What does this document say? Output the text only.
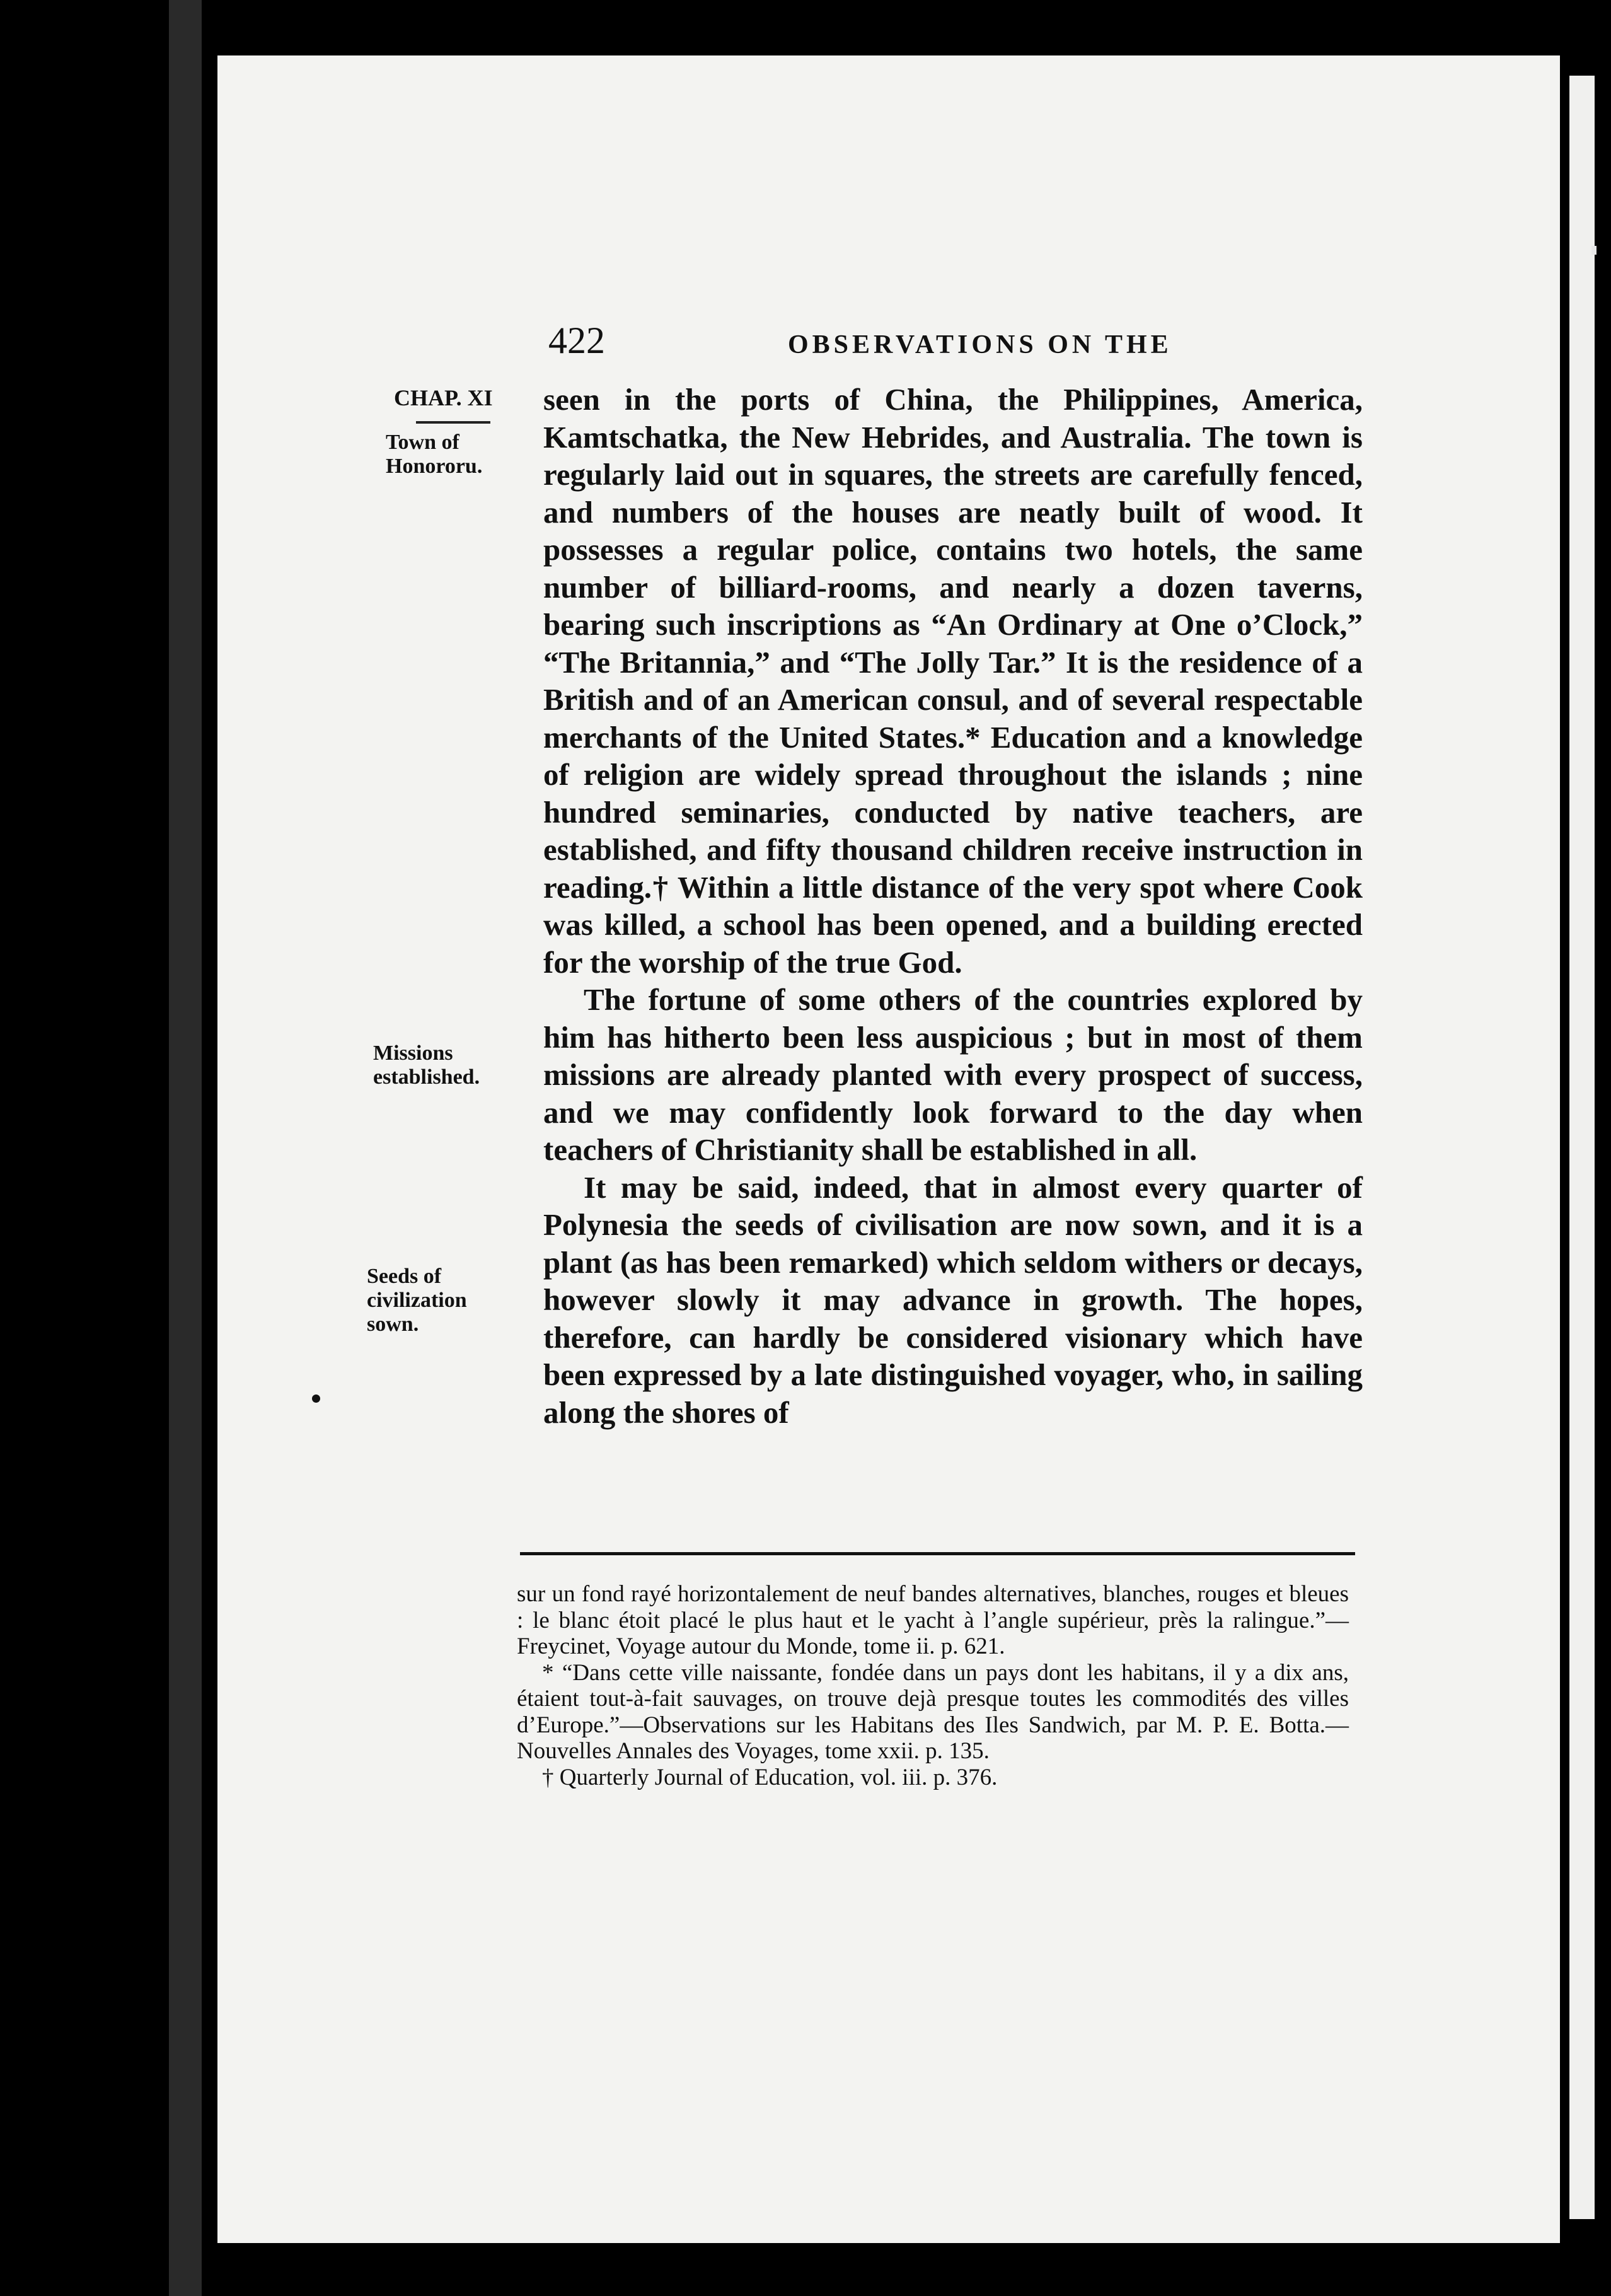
422	OBSERVATIONS ON THE
CHAP. XI
Town of Honororu.
Missions established.
Seeds of civilization sown.

seen in the ports of China, the Philippines, America, Kamtschatka, the New Hebrides, and Australia. The town is regularly laid out in squares, the streets are carefully fenced, and numbers of the houses are neatly built of wood. It possesses a regular police, contains two hotels, the same number of billiard-rooms, and nearly a dozen taverns, bearing such inscriptions as “An Ordinary at One o’Clock,” “The Britannia,” and “The Jolly Tar.” It is the residence of a British and of an American consul, and of several respectable merchants of the United States.* Education and a knowledge of religion are widely spread throughout the islands ; nine hundred seminaries, conducted by native teachers, are established, and fifty thousand children receive instruction in reading.† Within a little distance of the very spot where Cook was killed, a school has been opened, and a building erected for the worship of the true God.

The fortune of some others of the countries explored by him has hitherto been less auspicious ; but in most of them missions are already planted with every prospect of success, and we may confidently look forward to the day when teachers of Christianity shall be established in all.

It may be said, indeed, that in almost every quarter of Polynesia the seeds of civilisation are now sown, and it is a plant (as has been remarked) which seldom withers or decays, however slowly it may advance in growth. The hopes, therefore, can hardly be considered visionary which have been expressed by a late distinguished voyager, who, in sailing along the shores of

sur un fond rayé horizontalement de neuf bandes alternatives, blanches, rouges et bleues : le blanc étoit placé le plus haut et le yacht à l’angle supérieur, près la ralingue.”—Freycinet, Voyage autour du Monde, tome ii. p. 621.

* “Dans cette ville naissante, fondée dans un pays dont les habitans, il y a dix ans, étaient tout-à-fait sauvages, on trouve dejà presque toutes les commodités des villes d’Europe.”—Observations sur les Habitans des Iles Sandwich, par M. P. E. Botta.—Nouvelles Annales des Voyages, tome xxii. p. 135.

† Quarterly Journal of Education, vol. iii. p. 376.
